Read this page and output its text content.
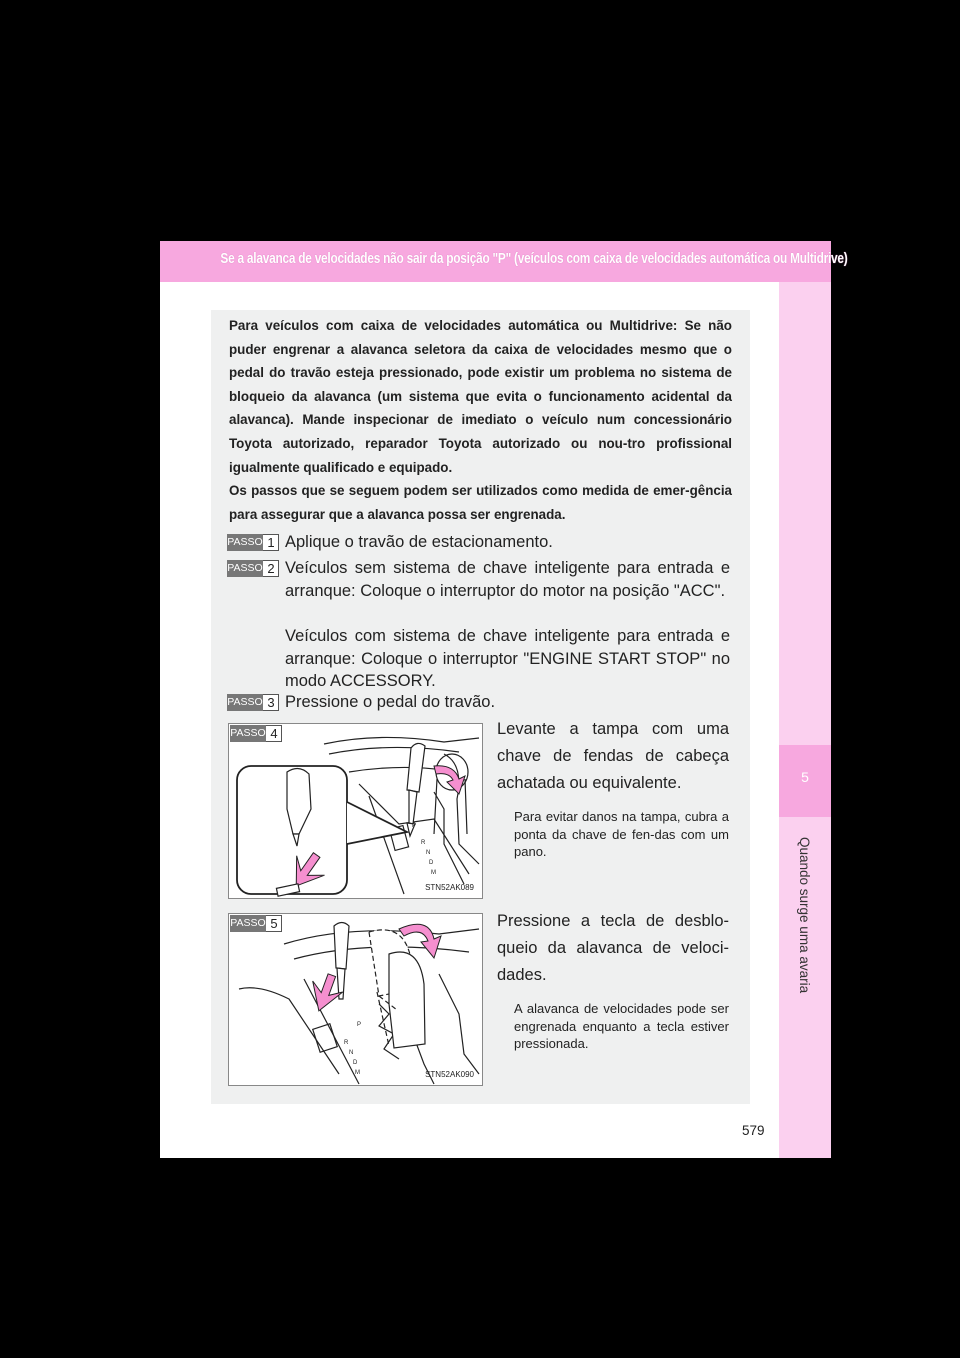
Se a alavanca de velocidades não sair da posição "P" (veículos com caixa de velocidades automática ou Multidrive)
5
Quando surge uma avaria

Para veículos com caixa de velocidades automática ou Multidrive: Se não puder engrenar a alavanca seletora da caixa de velocidades mesmo que o pedal do travão esteja pressionado, pode existir um problema no sistema de bloqueio da alavanca (um sistema que evita o funcionamento acidental da alavanca). Mande inspecionar de imediato o veículo num concessionário Toyota autorizado, reparador Toyota autorizado ou nou-tro profissional igualmente qualificado e equipado.

Os passos que se seguem podem ser utilizados como medida de emer-gência para assegurar que a alavanca possa ser engrenada.

PASSO 1 Aplique o travão de estacionamento.

PASSO 2 Veículos sem sistema de chave inteligente para entrada e arranque: Coloque o interruptor do motor na posição "ACC".

Veículos com sistema de chave inteligente para entrada e arranque: Coloque o interruptor "ENGINE START STOP" no modo ACCESSORY.

PASSO 3 Pressione o pedal do travão.

P
R
N
D
M
PASSO 4
STN52AK089

Levante a tampa com uma chave de fendas de cabeça achatada ou equivalente.

Para evitar danos na tampa, cubra a ponta da chave de fen-das com um pano.

P
R
N
D
M
PASSO 5
STN52AK090

Pressione a tecla de desblo-queio da alavanca de veloci-dades.

A alavanca de velocidades pode ser engrenada enquanto a tecla estiver pressionada.

579
